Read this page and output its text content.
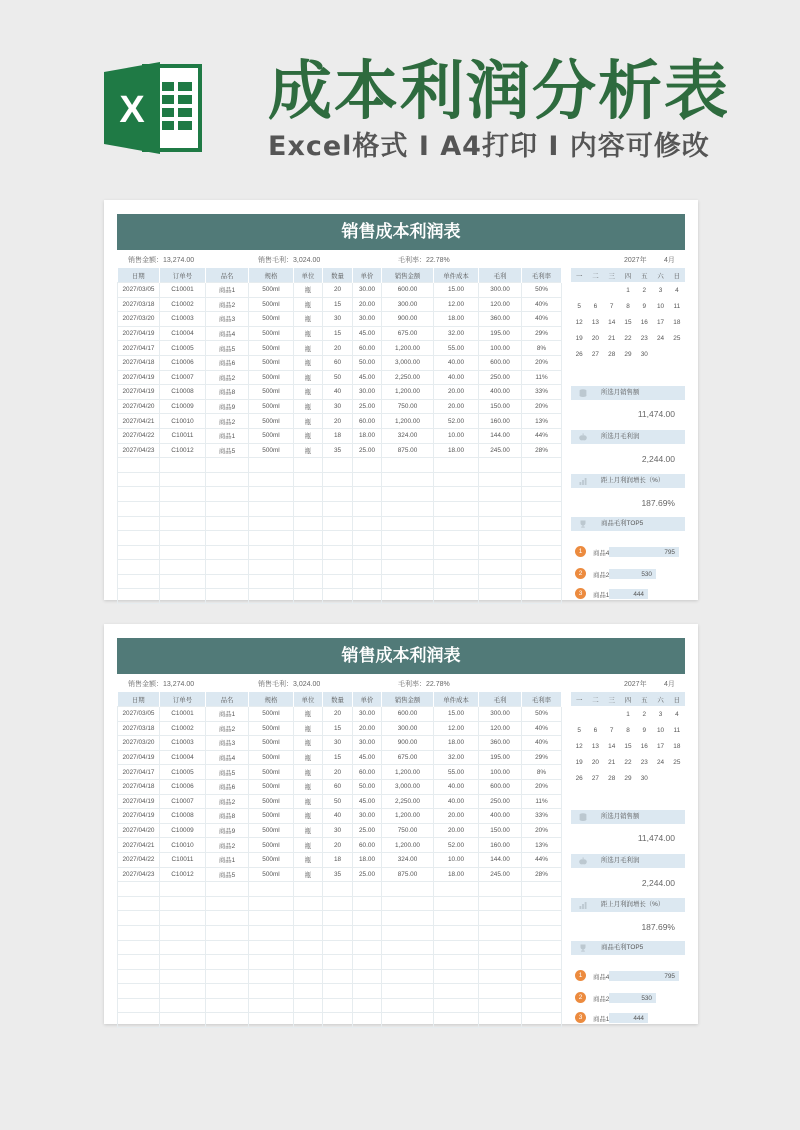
X 成本利润分析表

Excel格式 I A4打印 I 内容可修改

销售成本利润表
销售金额：13,274.00	销售毛利：3,024.00	毛利率：22.78%	2027年 4月
日期	订单号	品名	规格	单位	数量	单价	销售金额	单件成本	毛利	毛利率
2027/03/05	C10001	商品1	500ml	瓶	20	30.00	600.00	15.00	300.00	50%
2027/03/18	C10002	商品2	500ml	瓶	15	20.00	300.00	12.00	120.00	40%
2027/03/20	C10003	商品3	500ml	瓶	30	30.00	900.00	18.00	360.00	40%
2027/04/19	C10004	商品4	500ml	瓶	15	45.00	675.00	32.00	195.00	29%
2027/04/17	C10005	商品5	500ml	瓶	20	60.00	1,200.00	55.00	100.00	8%
2027/04/18	C10006	商品6	500ml	瓶	60	50.00	3,000.00	40.00	600.00	20%
2027/04/19	C10007	商品2	500ml	瓶	50	45.00	2,250.00	40.00	250.00	11%
2027/04/19	C10008	商品8	500ml	瓶	40	30.00	1,200.00	20.00	400.00	33%
2027/04/20	C10009	商品9	500ml	瓶	30	25.00	750.00	20.00	150.00	20%
2027/04/21	C10010	商品2	500ml	瓶	20	60.00	1,200.00	52.00	160.00	13%
2027/04/22	C10011	商品1	500ml	瓶	18	18.00	324.00	10.00	144.00	44%
2027/04/23	C10012	商品5	500ml	瓶	35	25.00	875.00	18.00	245.00	28%

一	二	三	四	五	六	日
			1	2	3	4
5	6	7	8	9	10	11
12	13	14	15	16	17	18
19	20	21	22	23	24	25
26	27	28	29	30		
所选月销售额
11,474.00
所选月毛利润
2,244.00
距上月利润增长（%）
187.69%
商品毛利TOP5
1	商品4	795
2	商品2	530
3	商品1	444
销售成本利润表
销售金额：13,274.00	销售毛利：3,024.00	毛利率：22.78%	2027年 4月
日期	订单号	品名	规格	单位	数量	单价	销售金额	单件成本	毛利	毛利率
2027/03/05	C10001	商品1	500ml	瓶	20	30.00	600.00	15.00	300.00	50%
2027/03/18	C10002	商品2	500ml	瓶	15	20.00	300.00	12.00	120.00	40%
2027/03/20	C10003	商品3	500ml	瓶	30	30.00	900.00	18.00	360.00	40%
2027/04/19	C10004	商品4	500ml	瓶	15	45.00	675.00	32.00	195.00	29%
2027/04/17	C10005	商品5	500ml	瓶	20	60.00	1,200.00	55.00	100.00	8%
2027/04/18	C10006	商品6	500ml	瓶	60	50.00	3,000.00	40.00	600.00	20%
2027/04/19	C10007	商品2	500ml	瓶	50	45.00	2,250.00	40.00	250.00	11%
2027/04/19	C10008	商品8	500ml	瓶	40	30.00	1,200.00	20.00	400.00	33%
2027/04/20	C10009	商品9	500ml	瓶	30	25.00	750.00	20.00	150.00	20%
2027/04/21	C10010	商品2	500ml	瓶	20	60.00	1,200.00	52.00	160.00	13%
2027/04/22	C10011	商品1	500ml	瓶	18	18.00	324.00	10.00	144.00	44%
2027/04/23	C10012	商品5	500ml	瓶	35	25.00	875.00	18.00	245.00	28%

一	二	三	四	五	六	日
			1	2	3	4
5	6	7	8	9	10	11
12	13	14	15	16	17	18
19	20	21	22	23	24	25
26	27	28	29	30		
所选月销售额
11,474.00
所选月毛利润
2,244.00
距上月利润增长（%）
187.69%
商品毛利TOP5
1	商品4	795
2	商品2	530
3	商品1	444
